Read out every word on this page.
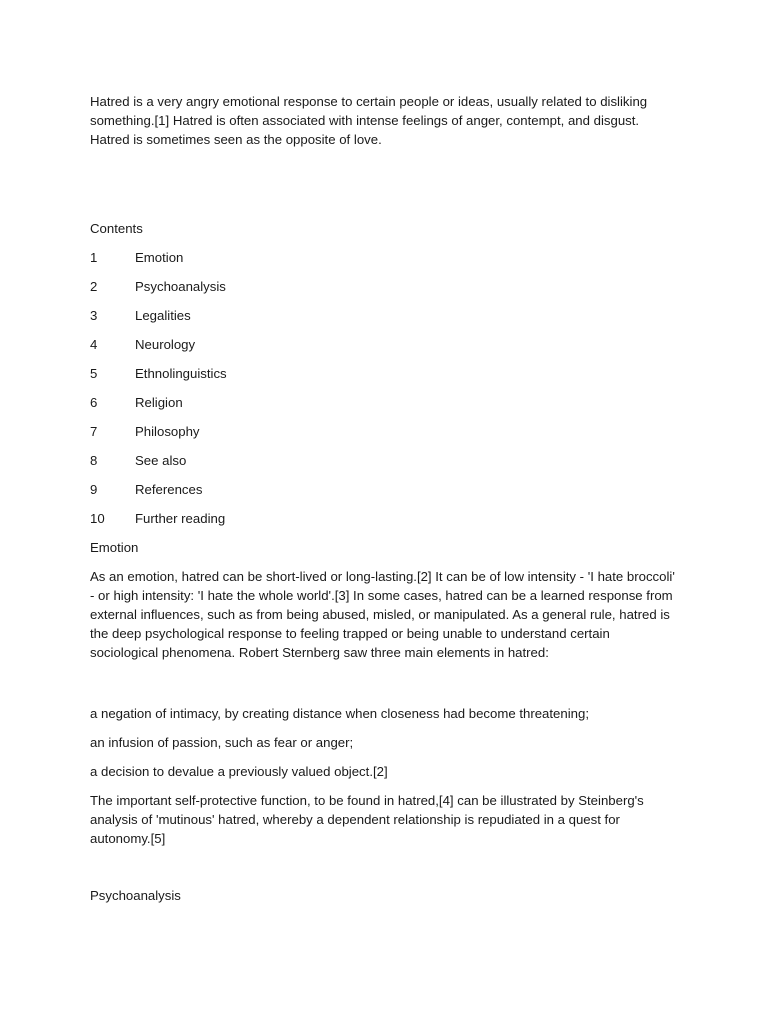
Hatred is a very angry emotional response to certain people or ideas, usually related to disliking something.[1] Hatred is often associated with intense feelings of anger, contempt, and disgust. Hatred is sometimes seen as the opposite of love.

Contents

1	Emotion
2	Psychoanalysis
3	Legalities
4	Neurology
5	Ethnolinguistics
6	Religion
7	Philosophy
8	See also
9	References
10	Further reading

Emotion

As an emotion, hatred can be short-lived or long-lasting.[2] It can be of low intensity - 'I hate broccoli' - or high intensity: 'I hate the whole world'.[3] In some cases, hatred can be a learned response from external influences, such as from being abused, misled, or manipulated. As a general rule, hatred is the deep psychological response to feeling trapped or being unable to understand certain sociological phenomena. Robert Sternberg saw three main elements in hatred:

a negation of intimacy, by creating distance when closeness had become threatening;

an infusion of passion, such as fear or anger;

a decision to devalue a previously valued object.[2]

The important self-protective function, to be found in hatred,[4] can be illustrated by Steinberg's analysis of 'mutinous' hatred, whereby a dependent relationship is repudiated in a quest for autonomy.[5]

Psychoanalysis
